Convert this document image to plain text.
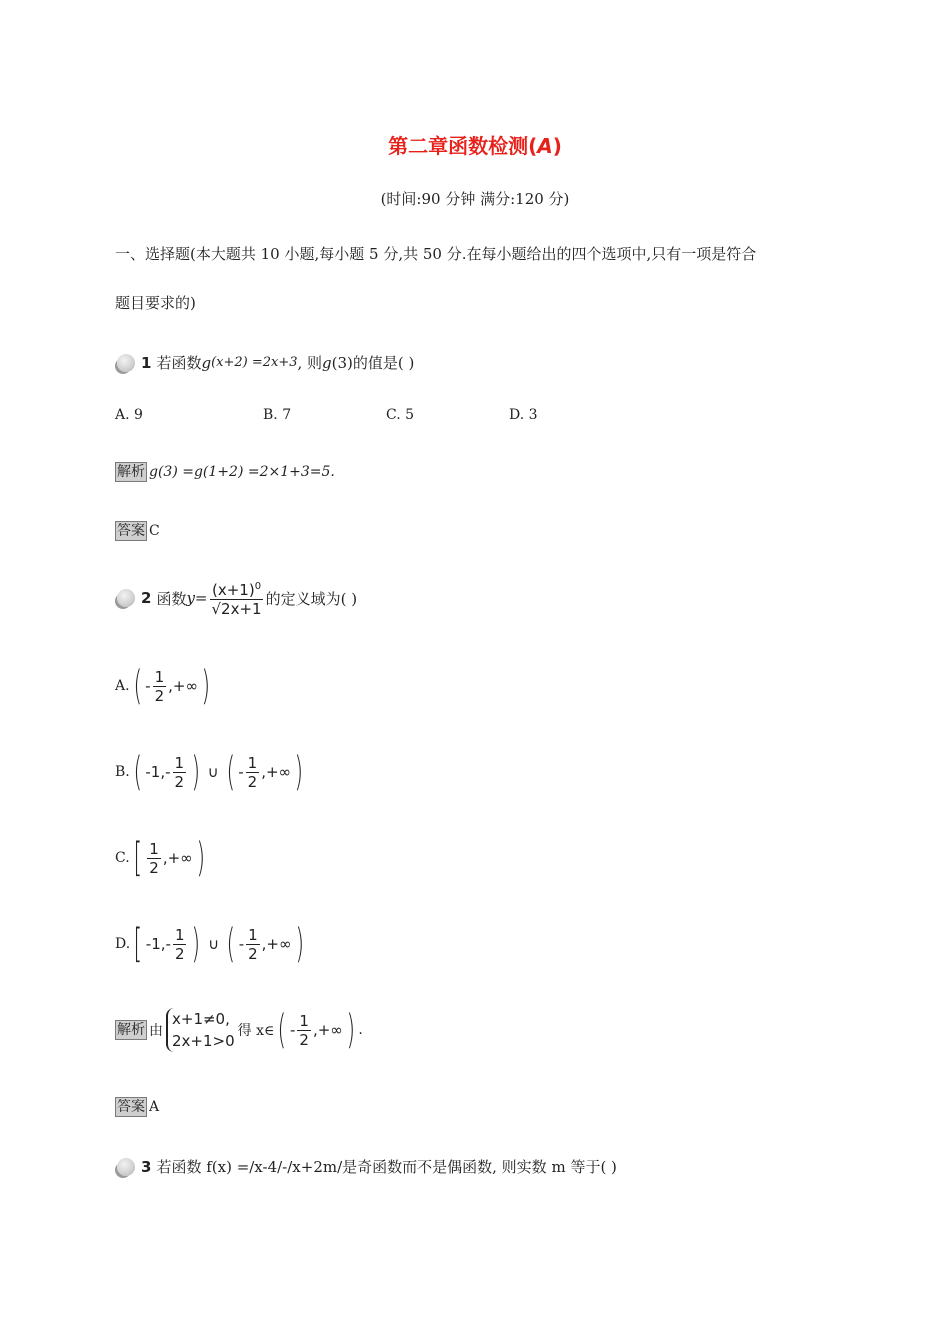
第二章函数检测(A)
(时间:90 分钟 满分:120 分)
一、选择题(本大题共 10 小题,每小题 5 分,共 50 分.在每小题给出的四个选项中,只有一项是符合
题目要求的)
1 若函数 g (x+2) =2x+3 , 则 g (3)的值是( )
A. 9	B. 7	C. 5	D. 3
解析 g(3) =g(1+2) =2×1+3=5.
答案 C
2 函数 $y= \frac{(x+1)^0}{√2x+1}$ 的定义域为( )
A. ( - $\frac{1}{2}$ ,+∞ )
B. ( $-1,- \frac{1}{2}$ ) ∪ ( - $\frac{1}{2}$ ,+∞ )
C. [ $\frac{1}{2}$ ,+∞ )
D. [ $-1,- \frac{1}{2}$ ) ∪ ( - $\frac{1}{2}$ ,+∞ )
解析 由
x+1≠0,
2x+1>0
得 x∈ ( - $\frac{1}{2}$ ,+∞ ) .
答案 A
3 若函数 f(x) =/x-4/-/x+2m/是奇函数而不是偶函数, 则实数 m 等于( )
